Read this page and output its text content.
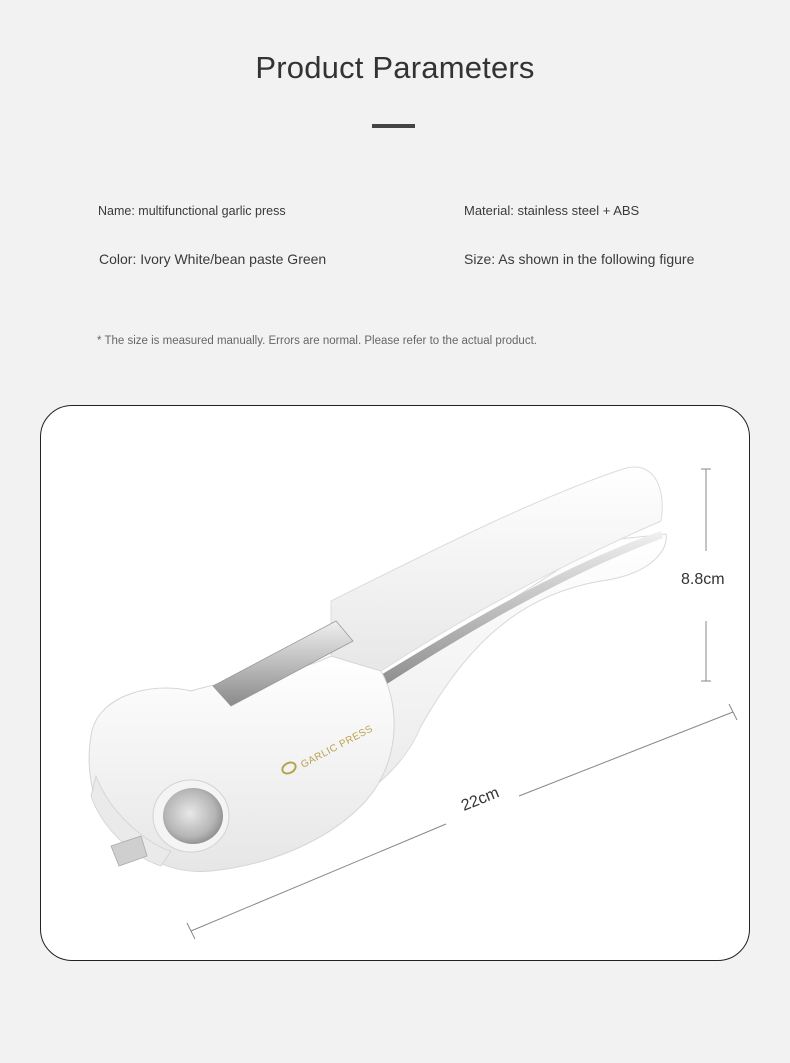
Product Parameters
Name: multifunctional garlic press	Material: stainless steel + ABS
Color: Ivory White/bean paste Green	Size: As shown in the following figure
* The size is measured manually. Errors are normal. Please refer to the actual product.
GARLIC PRESS
8.8cm
22cm
